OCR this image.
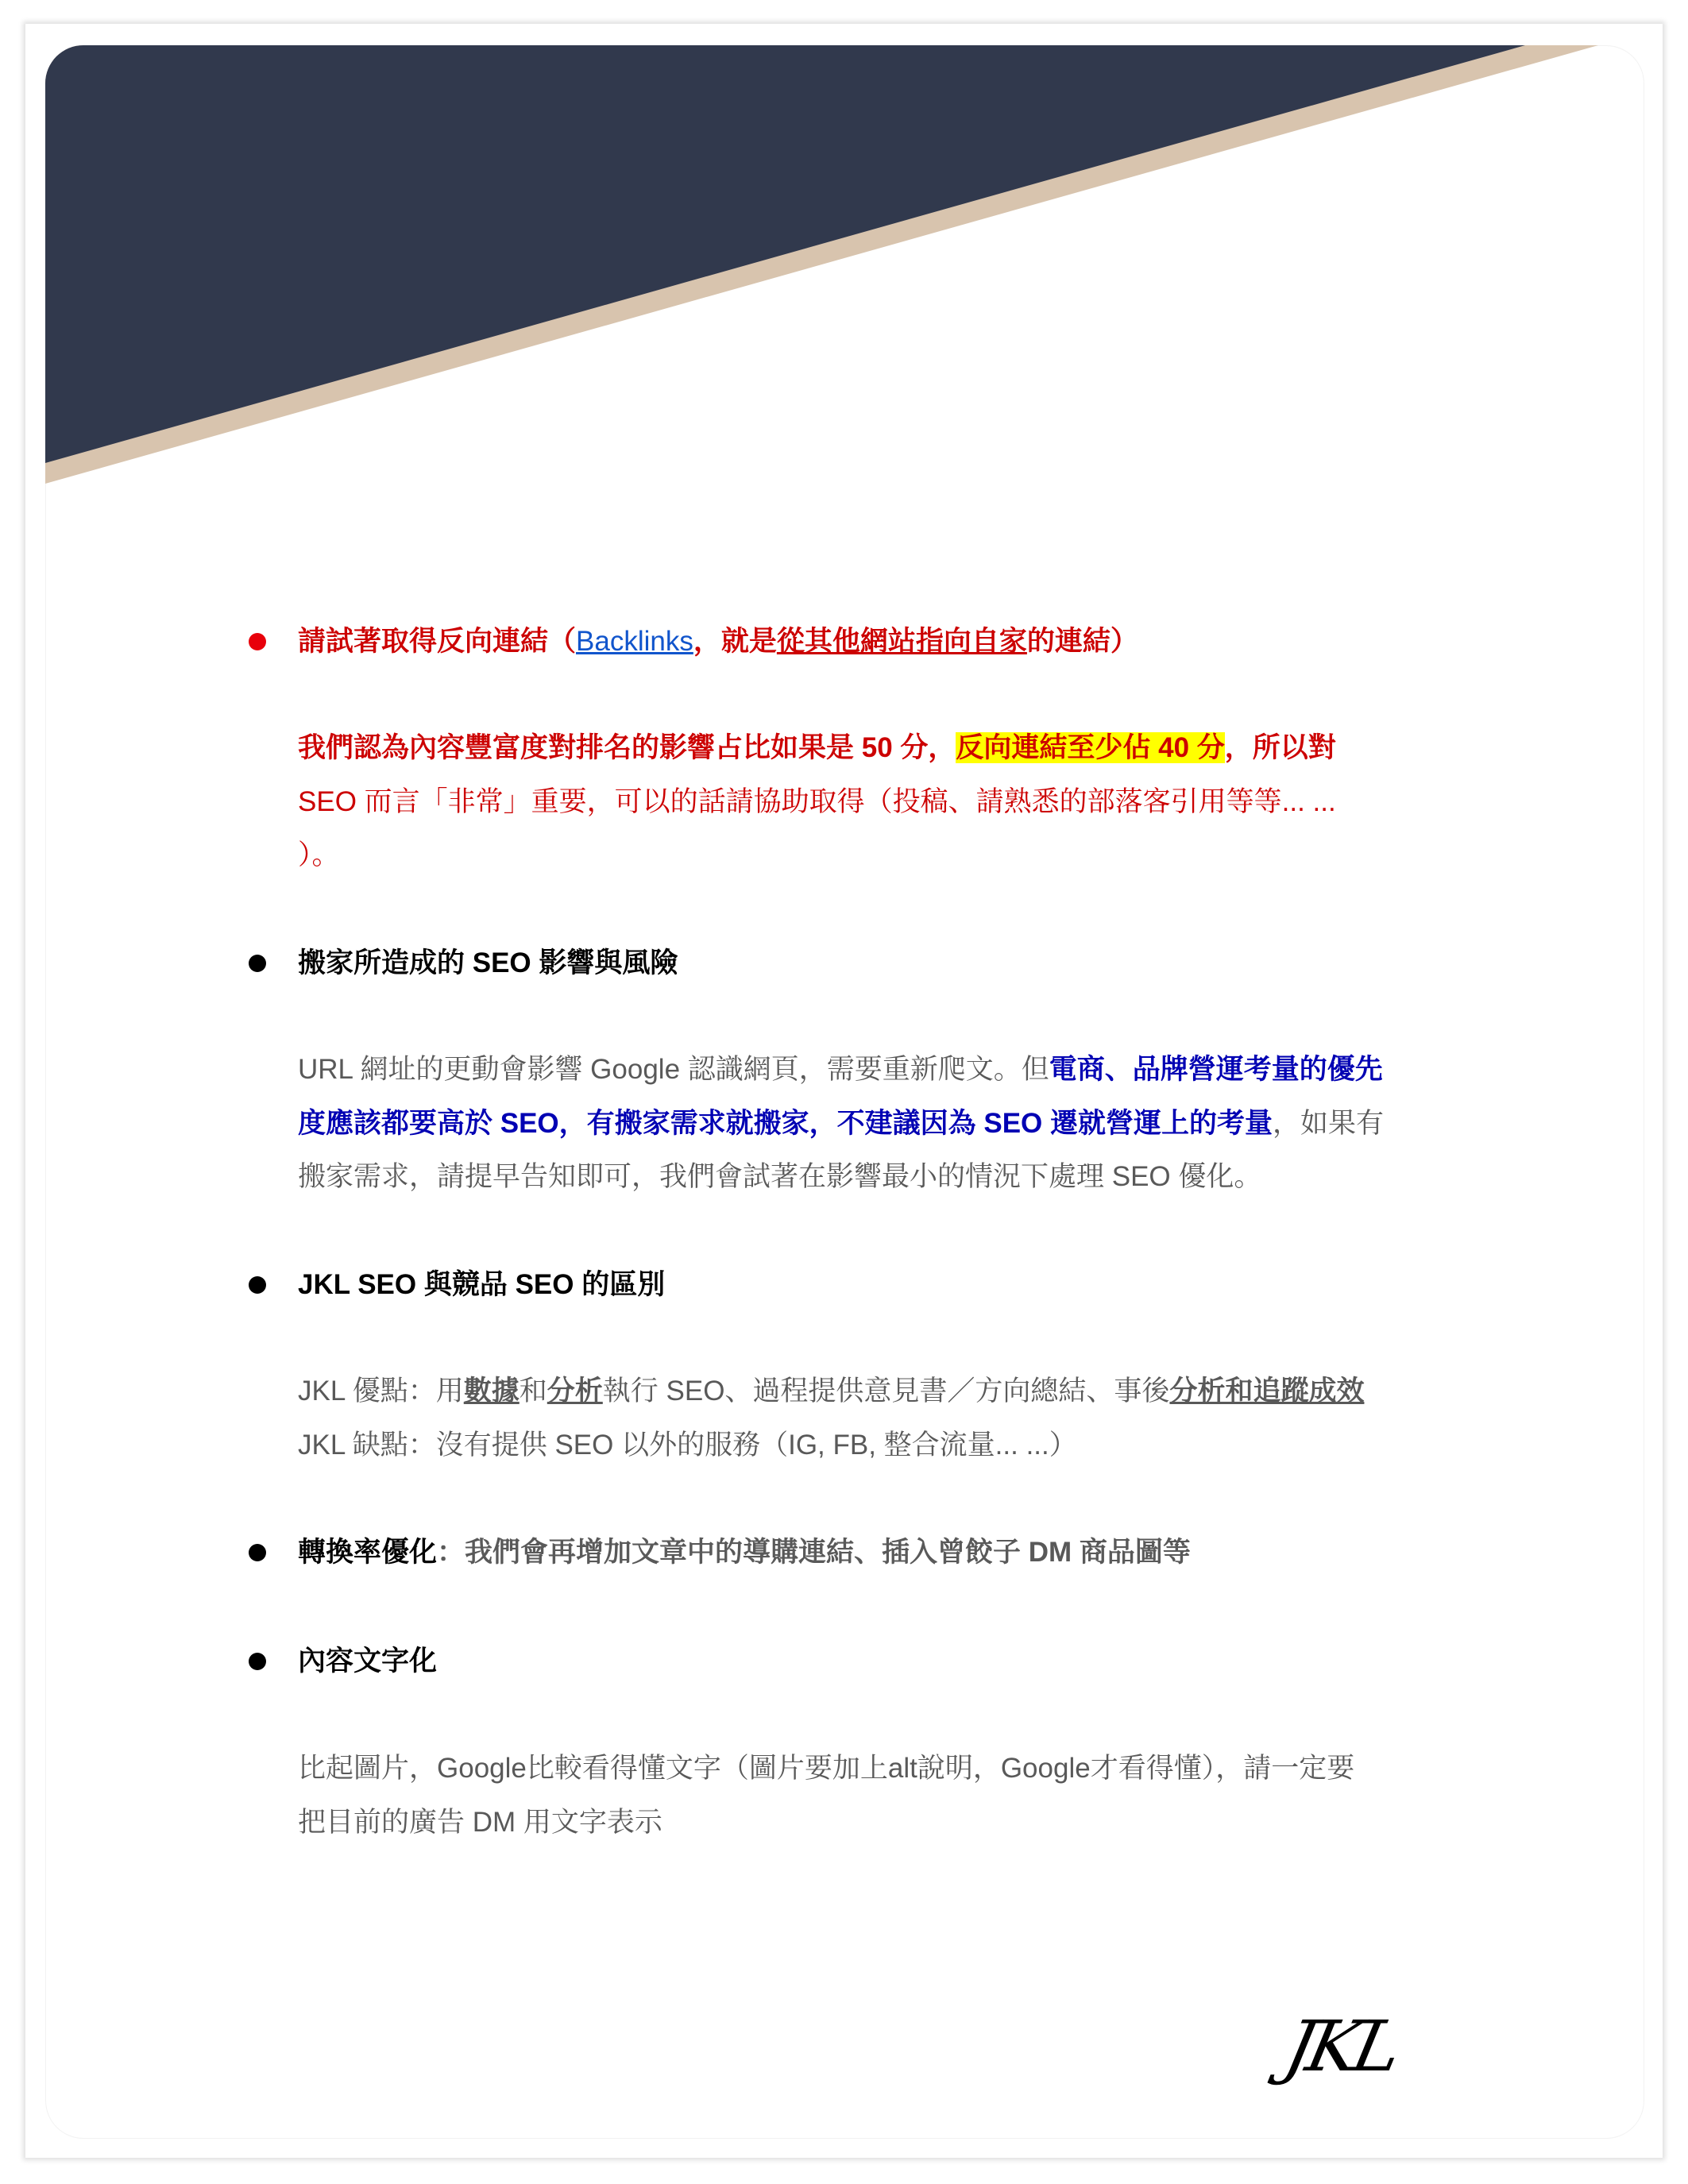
請試著取得反向連結（Backlinks，就是從其他網站指向自家的連結）
我們認為內容豐富度對排名的影響占比如果是 50 分，反向連結至少佔 40 分，所以對
SEO 而言「非常」重要，可以的話請協助取得（投稿、請熟悉的部落客引用等等... ...
）。
搬家所造成的 SEO 影響與風險
URL 網址的更動會影響 Google 認識網頁，需要重新爬文。但電商、品牌營運考量的優先
度應該都要高於 SEO，有搬家需求就搬家，不建議因為 SEO 遷就營運上的考量，如果有
搬家需求，請提早告知即可，我們會試著在影響最小的情況下處理 SEO 優化。
JKL SEO 與競品 SEO 的區別
JKL 優點：用數據和分析執行 SEO、過程提供意見書／方向總結、事後分析和追蹤成效
JKL 缺點：沒有提供 SEO 以外的服務（IG, FB, 整合流量... ...）
轉換率優化：我們會再增加文章中的導購連結、插入曾餃子 DM 商品圖等
內容文字化
比起圖片，Google比較看得懂文字（圖片要加上alt說明，Google才看得懂），請一定要
把目前的廣告 DM 用文字表示
JKL
